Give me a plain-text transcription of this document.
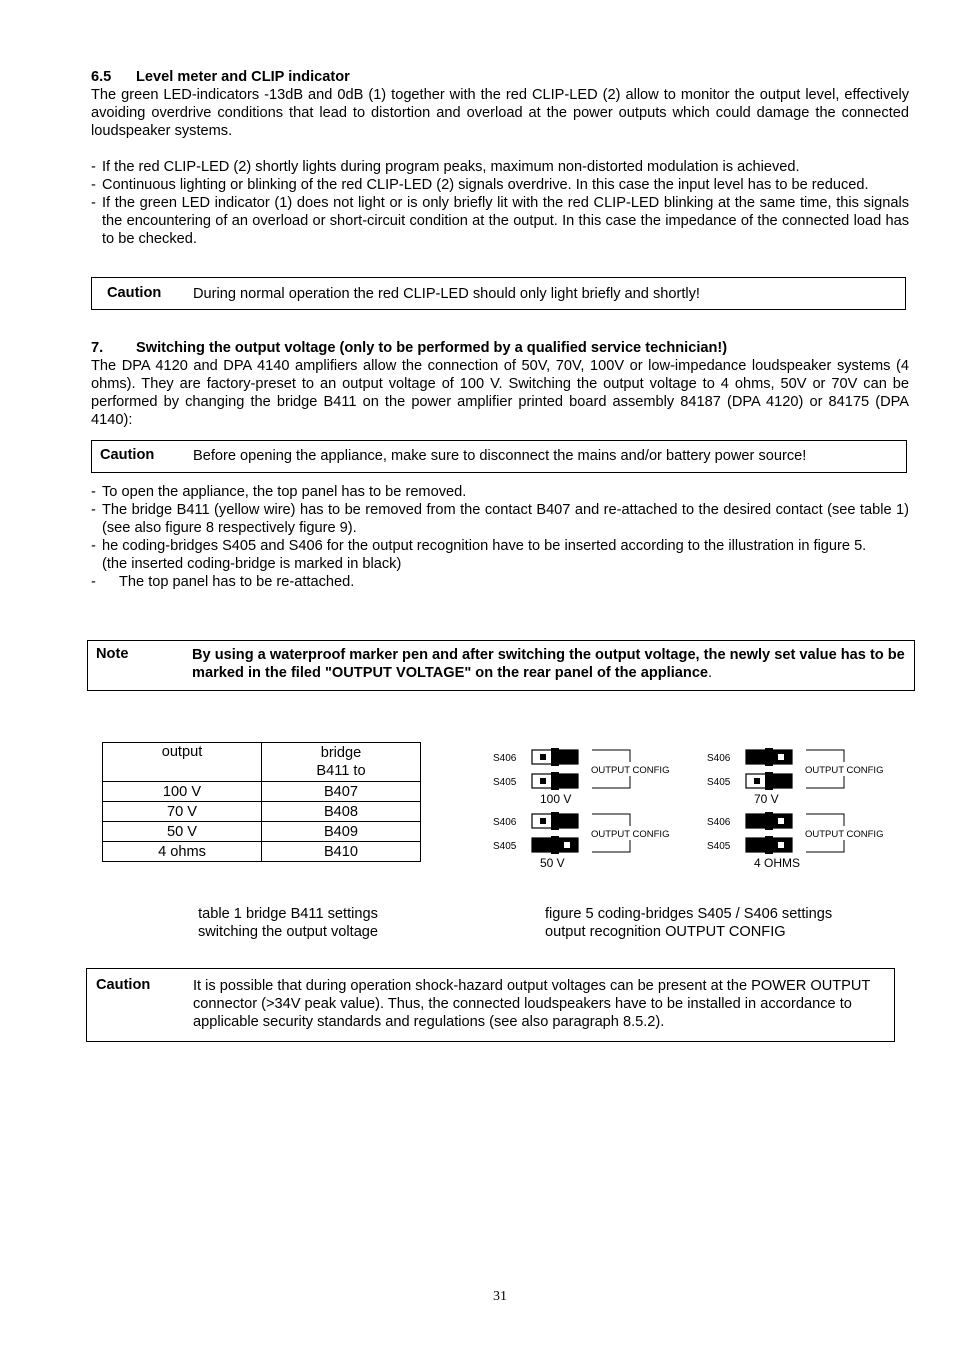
6.5 Level meter and CLIP indicator

The green LED-indicators -13dB and 0dB (1) together with the red CLIP-LED (2) allow to monitor the output level, effectively avoiding overdrive conditions that lead to distortion and overload at the power outputs which could damage the connected loudspeaker systems.

- If the red CLIP-LED (2) shortly lights during program peaks, maximum non-distorted modulation is achieved.
- Continuous lighting or blinking of the red CLIP-LED (2) signals overdrive. In this case the input level has to be reduced.
- If the green LED indicator (1) does not light or is only briefly lit with the red CLIP-LED blinking at the same time, this signals the encountering of an overload or short-circuit condition at the output. In this case the impedance of the connected load has to be checked.
Caution During normal operation the red CLIP-LED should only light briefly and shortly!
7. Switching the output voltage (only to be performed by a qualified service technician!)

The DPA 4120 and DPA 4140 amplifiers allow the connection of 50V, 70V, 100V or low-impedance loudspeaker systems (4 ohms). They are factory-preset to an output voltage of 100 V. Switching the output voltage to 4 ohms, 50V or 70V can be performed by changing the bridge B411 on the power amplifier printed board assembly 84187 (DPA 4120) or 84175 (DPA 4140):

Caution	Before opening the appliance, make sure to disconnect the mains and/or battery power source!
- To open the appliance, the top panel has to be removed.
- The bridge B411 (yellow wire) has to be removed from the contact B407 and re-attached to the desired contact (see table 1) (see also figure 8 respectively figure 9).
- he coding-bridges S405 and S406 for the output recognition have to be inserted according to the illustration in figure 5.
(the inserted coding-bridge is marked in black)
- The top panel has to be re-attached.
Note	By using a waterproof marker pen and after switching the output voltage, the newly set value has to be marked in the filed "OUTPUT VOLTAGE" on the rear panel of the appliance.
output	bridge
B411 to
100 V	B407
70 V	B408
50 V	B409
4 ohms	B410
S406
S405
OUTPUT CONFIG
100 V
S406
S405
OUTPUT CONFIG
70 V
S406
S405
OUTPUT CONFIG
50 V
S406
S405
OUTPUT CONFIG
4 OHMS
table 1 bridge B411 settings
switching the output voltage
figure 5 coding-bridges S405 / S406 settings
output recognition OUTPUT CONFIG
Caution	It is possible that during operation shock-hazard output voltages can be present at the POWER OUTPUT connector (>34V peak value). Thus, the connected loudspeakers have to be installed in accordance to applicable security standards and regulations (see also paragraph 8.5.2).
31
